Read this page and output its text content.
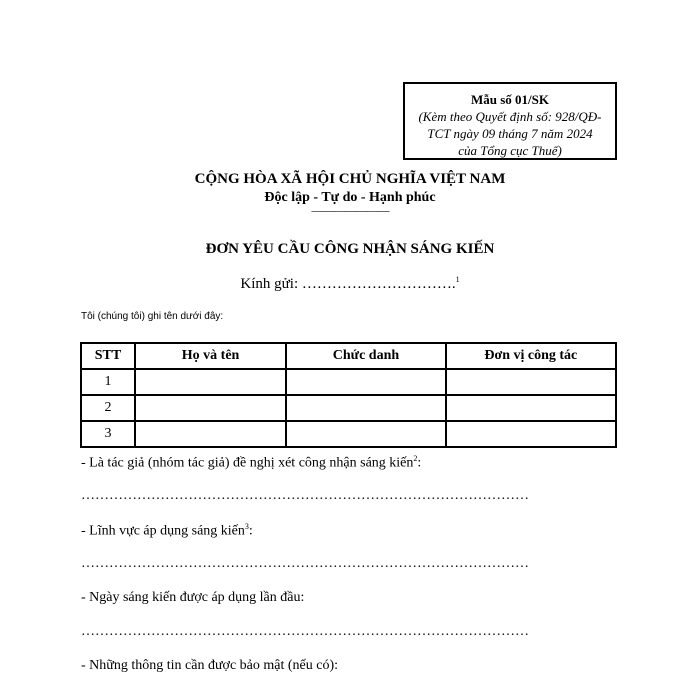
Mẫu số 01/SK
(Kèm theo Quyết định số: 928/QĐ-
TCT ngày 09 tháng 7 năm 2024
của Tổng cục Thuế)
CỘNG HÒA XÃ HỘI CHỦ NGHĨA VIỆT NAM
Độc lập - Tự do - Hạnh phúc
———————
ĐƠN YÊU CẦU CÔNG NHẬN SÁNG KIẾN
Kính gửi: ………………………….$^1$
Tôi (chúng tôi) ghi tên dưới đây:
STT	Họ và tên	Chức danh	Đơn vị công tác
1			
2			
3			
- Là tác giả (nhóm tác giả) đề nghị xét công nhận sáng kiến$^2$:
……………………………………………………………………………………
- Lĩnh vực áp dụng sáng kiến$^3$:
……………………………………………………………………………………
- Ngày sáng kiến được áp dụng lần đầu:
……………………………………………………………………………………
- Những thông tin cần được bảo mật (nếu có):
